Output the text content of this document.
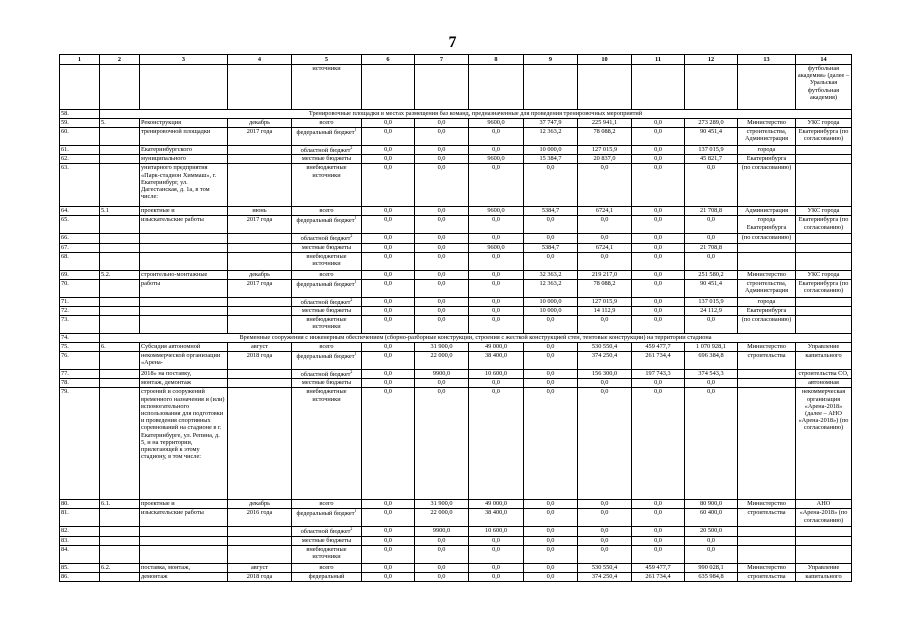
7
1	2	3	4	5	6	7	8	9	10	11	12	13	14
				источники									футбольная академия» (далее – Уральская футбольная академия)
58.	Тренировочные площадки в местах размещения баз команд, предназначенные для проведения тренировочных мероприятий												
59.	5.	Реконструкция	декабрь	всего	0,0	0,0	9600,0	37 747,9	225 941,1	0,0	273 289,0	Министерство	УКС города
60.		тренировочной площадки	2017 года	федеральный бюджет$^1$	0,0	0,0	0,0	12 363,2	78 088,2	0,0	90 451,4	строительства, Администрация	Екатеринбурга (по согласованию)
61.		Екатеринбургского		областной бюджет$^2$	0,0	0,0	0,0	10 000,0	127 015,9	0,0	137 015,9	города	
62.		муниципального		местные бюджеты	0,0	0,0	9600,0	15 384,7	20 837,0	0,0	45 821,7	Екатеринбурга	
63.		унитарного предприятия «Парк-стадион Химмаш», г. Екатеринбург, ул. Дагестанская, д. 1а, в том числе:		внебюджетные источники	0,0	0,0	0,0	0,0	0,0	0,0	0,0	(по согласованию)	
64.	5.1	проектные и	июнь	всего	0,0	0,0	9600,0	5384,7	6724,1	0,0	21 708,8	Администрация	УКС города
65.		изыскательские работы	2017 года	федеральный бюджет$^1$	0,0	0,0	0,0	0,0	0,0	0,0	0,0	города Екатеринбурга	Екатеринбурга (по согласованию)
66.				областной бюджет$^2$	0,0	0,0	0,0	0,0	0,0	0,0	0,0	(по согласованию)	
67.				местные бюджеты	0,0	0,0	9600,0	5384,7	6724,1	0,0	21 708,8		
68.				внебюджетные источники	0,0	0,0	0,0	0,0	0,0	0,0	0,0		
69.	5.2.	строительно-монтажные	декабрь	всего	0,0	0,0	0,0	32 363,2	219 217,0	0,0	251 580,2	Министерство	УКС города
70.		работы	2017 года	федеральный бюджет$^1$	0,0	0,0	0,0	12 363,2	78 088,2	0,0	90 451,4	строительства, Администрация	Екатеринбурга (по согласованию)
71.				областной бюджет$^2$	0,0	0,0	0,0	10 000,0	127 015,9	0,0	137 015,9	города	
72.				местные бюджеты	0,0	0,0	0,0	10 000,0	14 112,9	0,0	24 112,9	Екатеринбурга	
73.				внебюджетные источники	0,0	0,0	0,0	0,0	0,0	0,0	0,0	(по согласованию)	
74.	Временные сооружения с инженерным обеспечением (сборно-разборные конструкции, строения с жесткой конструкцией стен, тентовые конструкции) на территории стадиона												
75.	6.	Субсидия автономной	август	всего	0,0	31 900,0	49 000,0	0,0	530 550,4	459 477,7	1 070 928,1	Министерство	Управление
76.		некоммерческой организации «Арена-	2018 года	федеральный бюджет$^1$	0,0	22 000,0	38 400,0	0,0	374 250,4	261 734,4	696 384,8	строительства	капитального
77.		2018» на поставку,		областной бюджет$^2$	0,0	9900,0	10 600,0	0,0	156 300,0	197 743,3	374 543,3		строительства СО,
78.		монтаж, демонтаж		местные бюджеты	0,0	0,0	0,0	0,0	0,0	0,0	0,0		автономная
79.		строений и сооружений временного назначения и (или) вспомогательного использования для подготовки и проведения спортивных соревнований на стадионе в г. Екатеринбурге, ул. Репина, д. 5, и на территории, прилегающей к этому стадиону, в том числе:		внебюджетные источники	0,0	0,0	0,0	0,0	0,0	0,0	0,0		некоммерческая организация «Арена-2018» (далее – АНО «Арена-2018») (по согласованию)
80.	6.1.	проектные и	декабрь	всего	0,0	31 900,0	49 000,0	0,0	0,0	0,0	80 900,0	Министерство	АНО
81.		изыскательские работы	2016 года	федеральный бюджет$^1$	0,0	22 000,0	38 400,0	0,0	0,0	0,0	60 400,0	строительства	«Арена-2018» (по согласованию)
82.				областной бюджет$^2$	0,0	9900,0	10 600,0	0,0	0,0	0,0	20 500,0		
83.				местные бюджеты	0,0	0,0	0,0	0,0	0,0	0,0	0,0		
84.				внебюджетные источники	0,0	0,0	0,0	0,0	0,0	0,0	0,0		
85.	6.2.	поставка, монтаж,	август	всего	0,0	0,0	0,0	0,0	530 550,4	459 477,7	990 028,1	Министерство	Управление
86.		демонтаж	2018 года	федеральный	0,0	0,0	0,0	0,0	374 250,4	261 734,4	635 984,8	строительства	капитального
